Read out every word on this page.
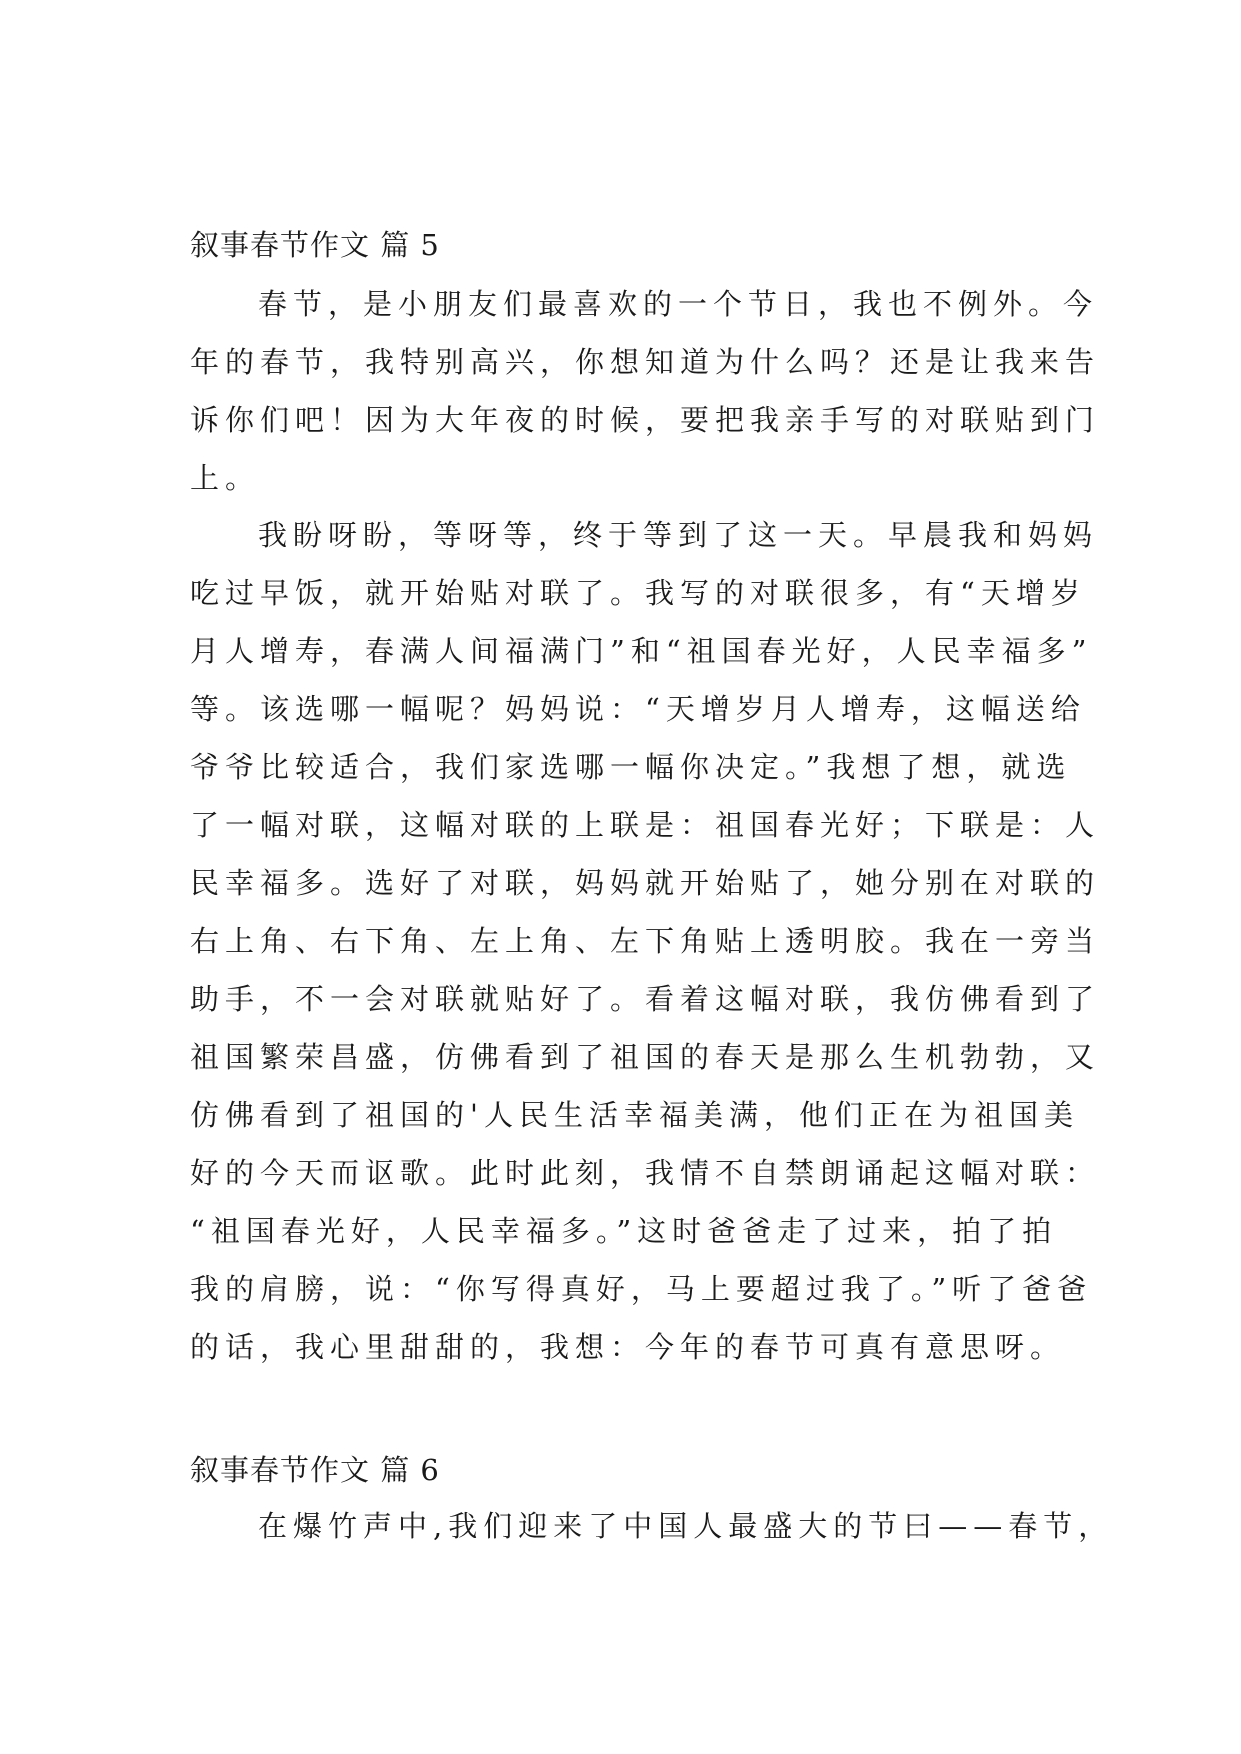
叙事春节作文 篇 5
春节，是小朋友们最喜欢的一个节日，我也不例外。今
年的春节，我特别高兴，你想知道为什么吗？还是让我来告
诉你们吧！因为大年夜的时候，要把我亲手写的对联贴到门
上。
我盼呀盼，等呀等，终于等到了这一天。早晨我和妈妈
吃过早饭，就开始贴对联了。我写的对联很多，有“天增岁
月人增寿，春满人间福满门”和“祖国春光好，人民幸福多”
等。该选哪一幅呢？妈妈说：“天增岁月人增寿，这幅送给
爷爷比较适合，我们家选哪一幅你决定。”我想了想，就选
了一幅对联，这幅对联的上联是：祖国春光好；下联是：人
民幸福多。选好了对联，妈妈就开始贴了，她分别在对联的
右上角、右下角、左上角、左下角贴上透明胶。我在一旁当
助手，不一会对联就贴好了。看着这幅对联，我仿佛看到了
祖国繁荣昌盛，仿佛看到了祖国的春天是那么生机勃勃，又
仿佛看到了祖国的'人民生活幸福美满，他们正在为祖国美
好的今天而讴歌。此时此刻，我情不自禁朗诵起这幅对联：
“祖国春光好，人民幸福多。”这时爸爸走了过来，拍了拍
我的肩膀，说：“你写得真好，马上要超过我了。”听了爸爸
的话，我心里甜甜的，我想：今年的春节可真有意思呀。
叙事春节作文 篇 6
在爆竹声中,我们迎来了中国人最盛大的节曰——春节，
